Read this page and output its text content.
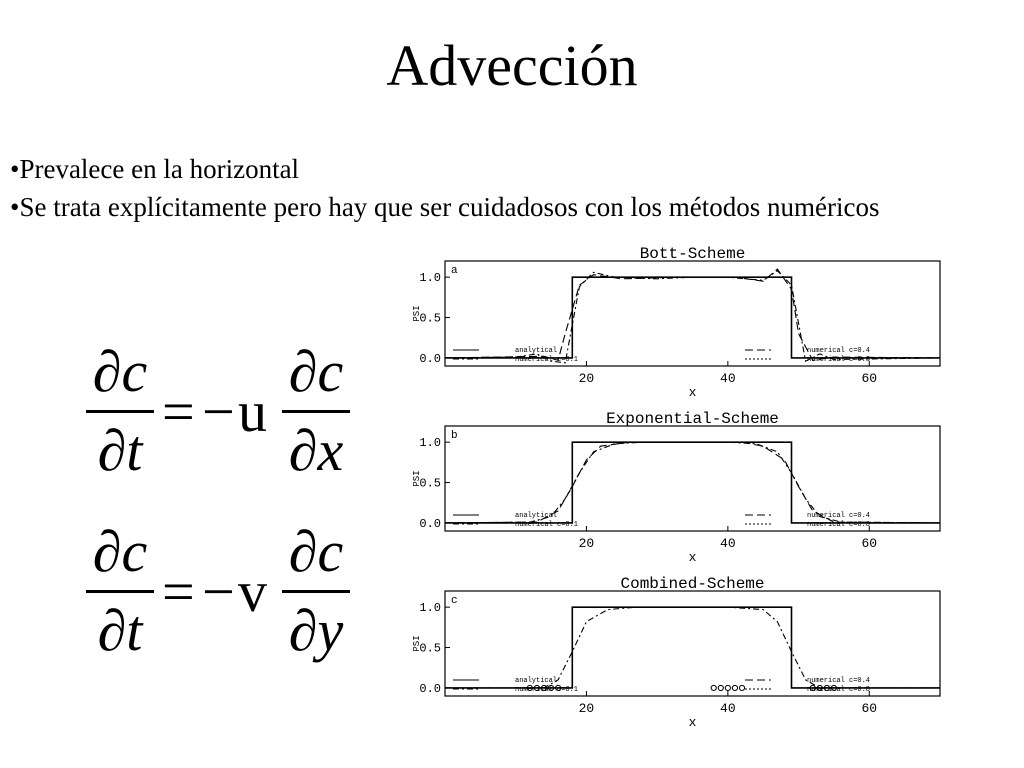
Advección
•Prevalece en la horizontal
•Se trata explícitamente pero hay que ser cuidadosos con los métodos numéricos
∂c
∂t
= − u
∂c
∂x
∂c
∂t
= − v
∂c
∂y
Bott-Scheme
a
PSI
0.0
0.5
1.0
20	40	60
x
analytical
numerical c=0.1
numerical c=0.4
numerical c=0.8
Exponential-Scheme
b
PSI
0.0
0.5
1.0
20	40	60
x
analytical
numerical c=0.1
numerical c=0.4
numerical c=0.8
Combined-Scheme
c
PSI
0.0
0.5
1.0
20	40	60
x
analytical
numerical c=0.1
numerical c=0.4
numerical c=0.8
